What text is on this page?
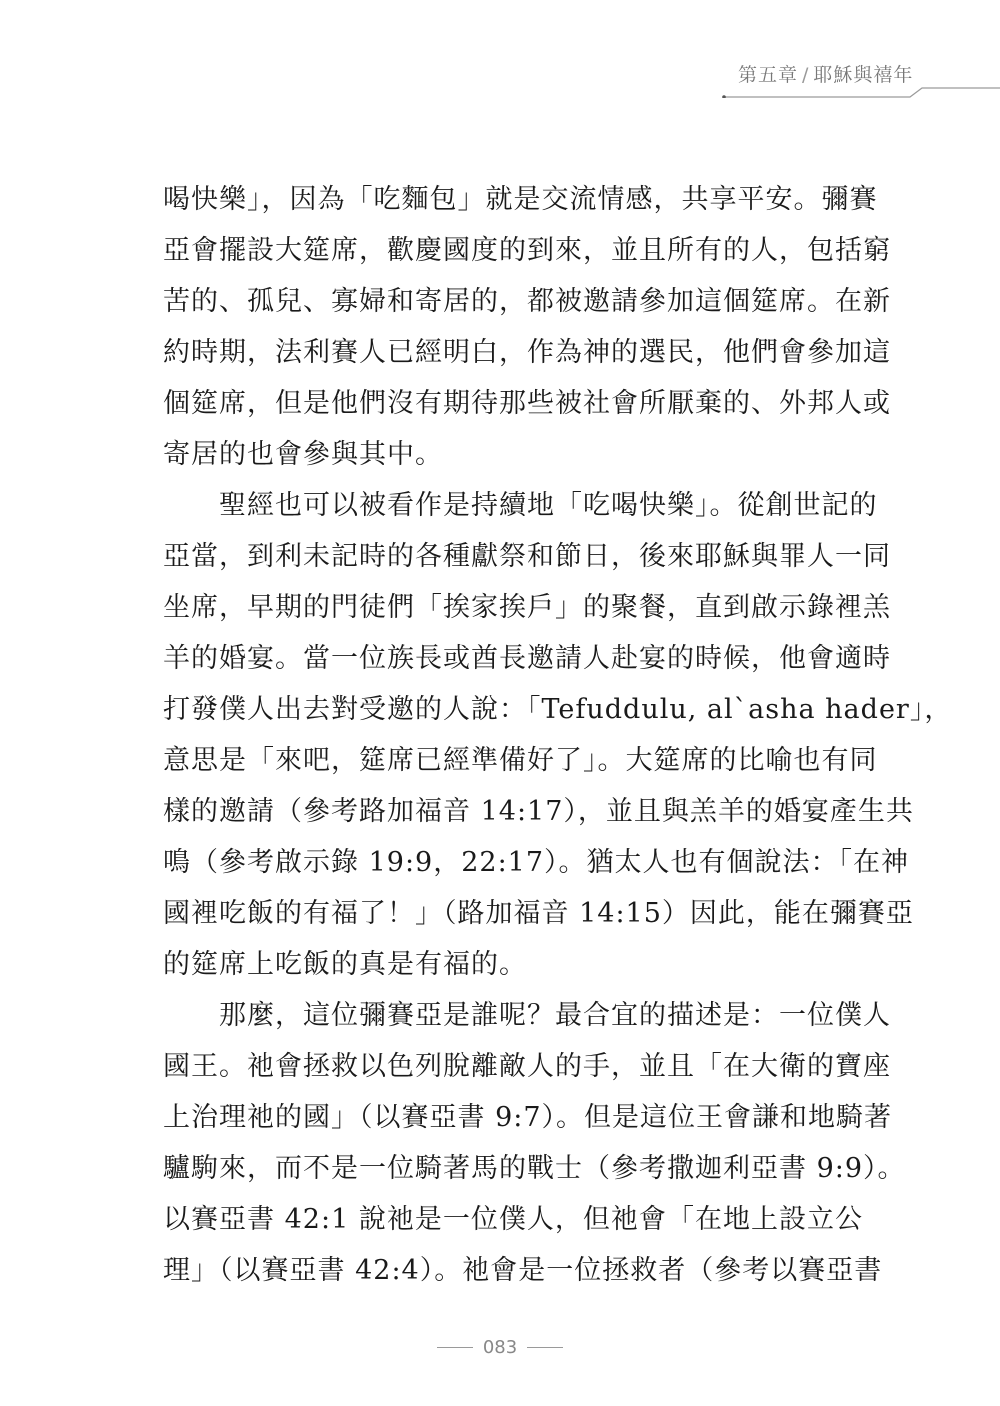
第五章 / 耶穌與禧年
喝快樂」，因為「吃麵包」就是交流情感，共享平安。彌賽
亞會擺設大筵席，歡慶國度的到來，並且所有的人，包括窮
苦的、孤兒、寡婦和寄居的，都被邀請參加這個筵席。在新
約時期，法利賽人已經明白，作為神的選民，他們會參加這
個筵席，但是他們沒有期待那些被社會所厭棄的、外邦人或
寄居的也會參與其中。
　　聖經也可以被看作是持續地「吃喝快樂」。從創世記的
亞當，到利未記時的各種獻祭和節日，後來耶穌與罪人一同
坐席，早期的門徒們「挨家挨戶」的聚餐，直到啟示錄裡羔
羊的婚宴。當一位族長或酋長邀請人赴宴的時候，他會適時
打發僕人出去對受邀的人說：「Tefuddulu, al`asha hader」，
意思是「來吧，筵席已經準備好了」。大筵席的比喻也有同
樣的邀請（參考路加福音 14:17），並且與羔羊的婚宴產生共
鳴（參考啟示錄 19:9，22:17）。猶太人也有個說法：「在神
國裡吃飯的有福了！」（路加福音 14:15）因此，能在彌賽亞
的筵席上吃飯的真是有福的。
　　那麼，這位彌賽亞是誰呢？最合宜的描述是：一位僕人
國王。祂會拯救以色列脫離敵人的手，並且「在大衛的寶座
上治理祂的國」（以賽亞書 9:7）。但是這位王會謙和地騎著
驢駒來，而不是一位騎著馬的戰士（參考撒迦利亞書 9:9）。
以賽亞書 42:1 說祂是一位僕人，但祂會「在地上設立公
理」（以賽亞書 42:4）。祂會是一位拯救者（參考以賽亞書
083
